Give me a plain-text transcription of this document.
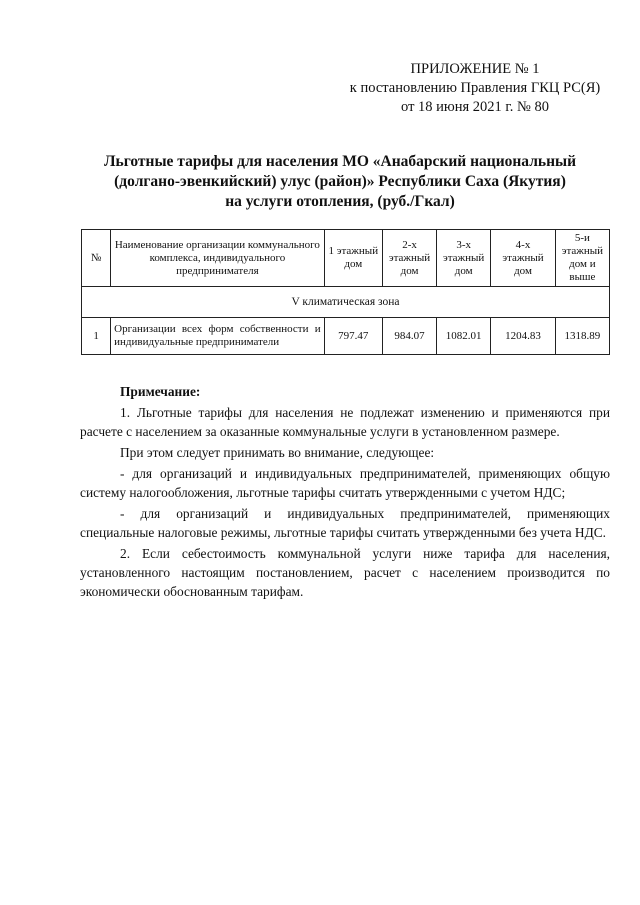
ПРИЛОЖЕНИЕ № 1
к постановлению Правления ГКЦ РС(Я)
от 18 июня 2021 г. № 80
Льготные тарифы для населения МО «Анабарский национальный
(долгано-эвенкийский) улус (район)» Республики Саха (Якутия)
на услуги отопления, (руб./Гкал)
№	Наименование организации коммунального комплекса, индивидуального предпринимателя	1 этажный дом	2-х этажный дом	3-х этажный дом	4-х этажный дом	5-и этажный дом и выше
V климатическая зона						
1	Организации всех форм собственности и индивидуальные предприниматели	797.47	984.07	1082.01	1204.83	1318.89

Примечание:

1. Льготные тарифы для населения не подлежат изменению и применяются при расчете с населением за оказанные коммунальные услуги в установленном размере.

При этом следует принимать во внимание, следующее:

- для организаций и индивидуальных предпринимателей, применяющих общую систему налогообложения, льготные тарифы считать утвержденными с учетом НДС;

- для организаций и индивидуальных предпринимателей, применяющих специальные налоговые режимы, льготные тарифы считать утвержденными без учета НДС.

2. Если себестоимость коммунальной услуги ниже тарифа для населения, установленного настоящим постановлением, расчет с населением производится по экономически обоснованным тарифам.
